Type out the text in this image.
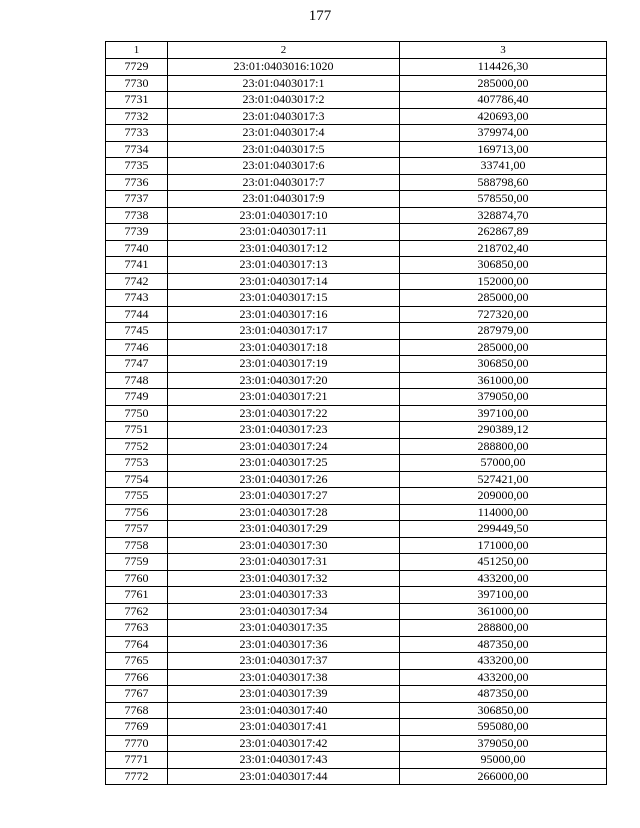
177
1	2	3
7729	23:01:0403016:1020	114426,30
7730	23:01:0403017:1	285000,00
7731	23:01:0403017:2	407786,40
7732	23:01:0403017:3	420693,00
7733	23:01:0403017:4	379974,00
7734	23:01:0403017:5	169713,00
7735	23:01:0403017:6	33741,00
7736	23:01:0403017:7	588798,60
7737	23:01:0403017:9	578550,00
7738	23:01:0403017:10	328874,70
7739	23:01:0403017:11	262867,89
7740	23:01:0403017:12	218702,40
7741	23:01:0403017:13	306850,00
7742	23:01:0403017:14	152000,00
7743	23:01:0403017:15	285000,00
7744	23:01:0403017:16	727320,00
7745	23:01:0403017:17	287979,00
7746	23:01:0403017:18	285000,00
7747	23:01:0403017:19	306850,00
7748	23:01:0403017:20	361000,00
7749	23:01:0403017:21	379050,00
7750	23:01:0403017:22	397100,00
7751	23:01:0403017:23	290389,12
7752	23:01:0403017:24	288800,00
7753	23:01:0403017:25	57000,00
7754	23:01:0403017:26	527421,00
7755	23:01:0403017:27	209000,00
7756	23:01:0403017:28	114000,00
7757	23:01:0403017:29	299449,50
7758	23:01:0403017:30	171000,00
7759	23:01:0403017:31	451250,00
7760	23:01:0403017:32	433200,00
7761	23:01:0403017:33	397100,00
7762	23:01:0403017:34	361000,00
7763	23:01:0403017:35	288800,00
7764	23:01:0403017:36	487350,00
7765	23:01:0403017:37	433200,00
7766	23:01:0403017:38	433200,00
7767	23:01:0403017:39	487350,00
7768	23:01:0403017:40	306850,00
7769	23:01:0403017:41	595080,00
7770	23:01:0403017:42	379050,00
7771	23:01:0403017:43	95000,00
7772	23:01:0403017:44	266000,00
